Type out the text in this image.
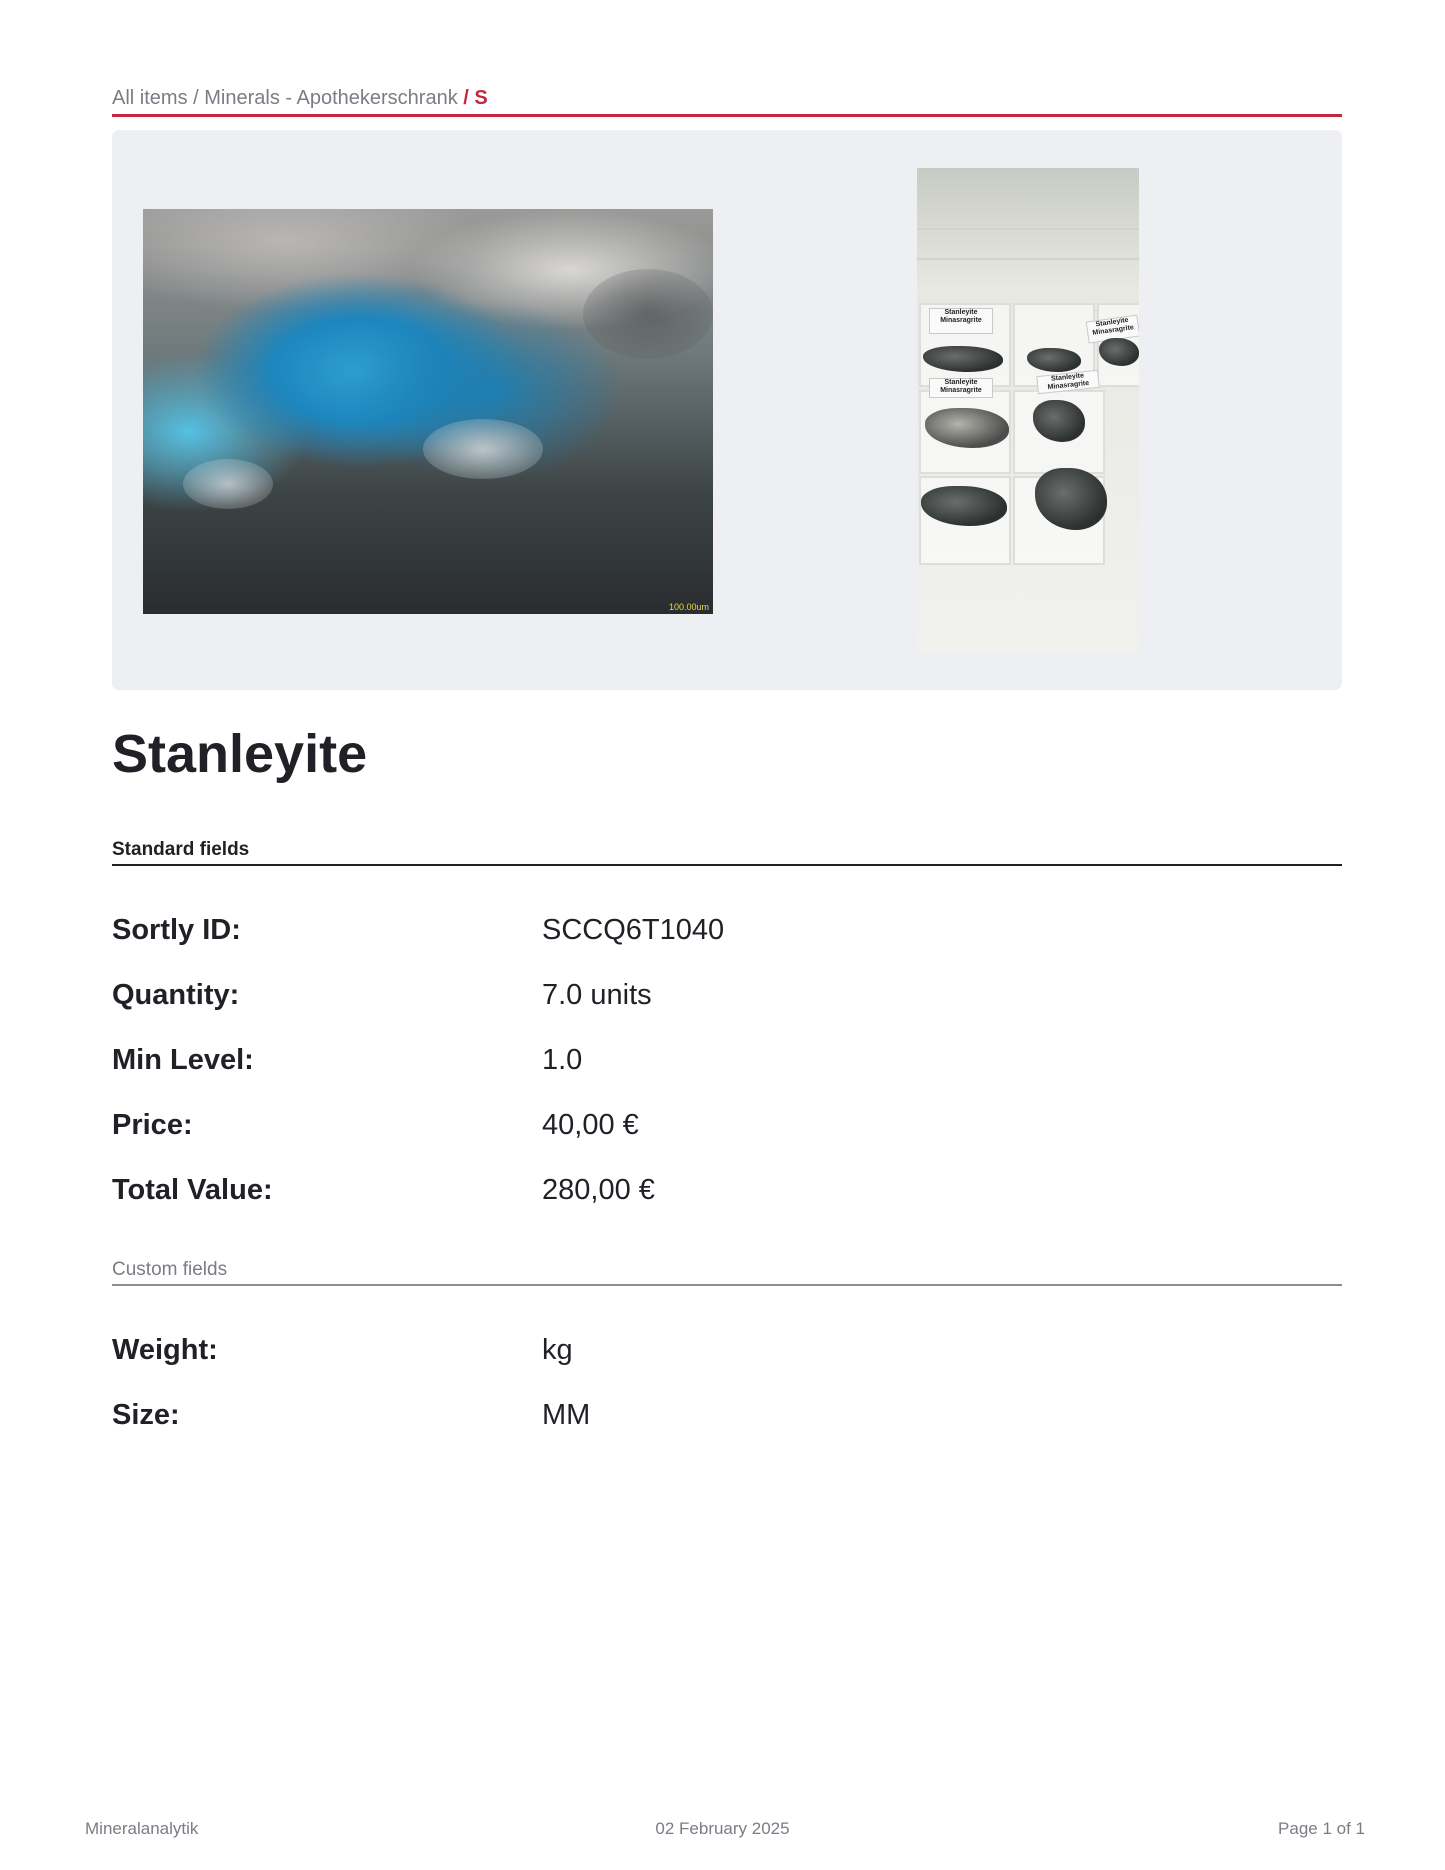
All items / Minerals - Apothekerschrank / S
100.00um
Stanleyite Minasragrite	Stanleyite Minasragrite
Stanleyite Minasragrite
Stanleyite Minasragrite
Stanleyite
Standard fields
Sortly ID:	SCCQ6T1040
Quantity:	7.0 units
Min Level:	1.0
Price:	40,00 €
Total Value:	280,00 €
Custom fields
Weight:	kg
Size:	MM
Mineralanalytik	02 February 2025	Page 1 of 1
